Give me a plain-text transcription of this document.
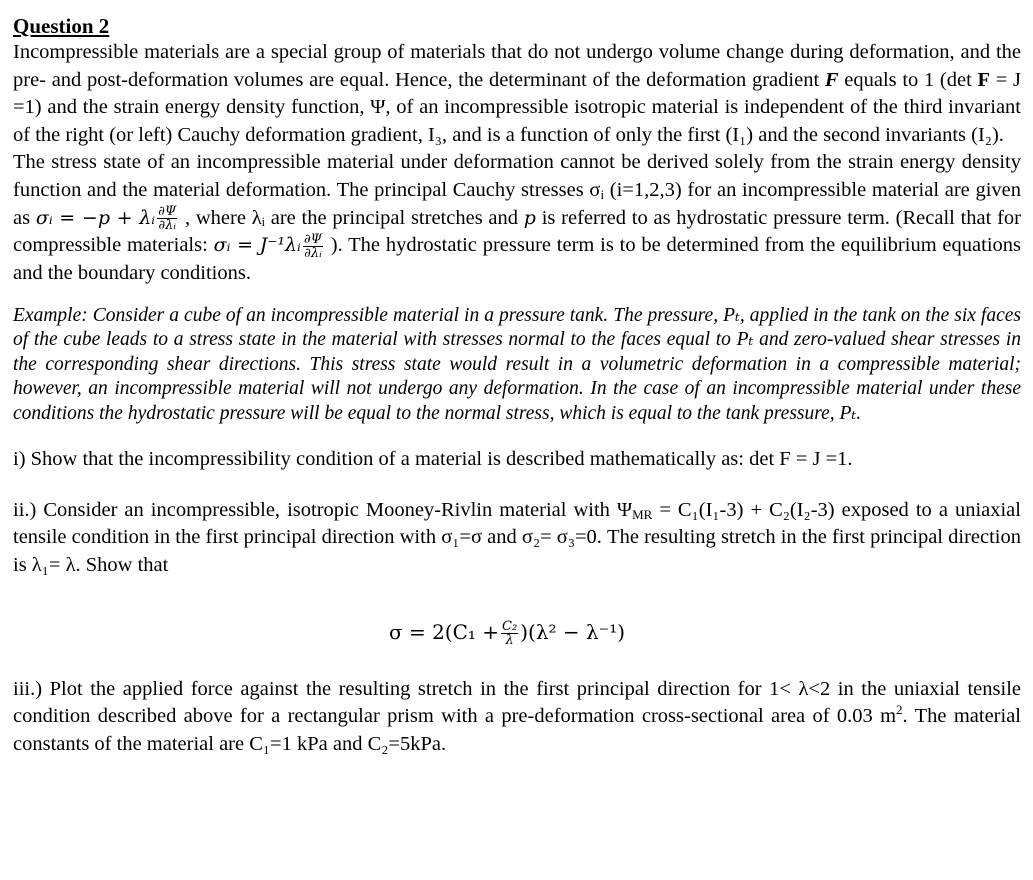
Question 2

Incompressible materials are a special group of materials that do not undergo volume change during deformation, and the pre- and post-deformation volumes are equal. Hence, the determinant of the deformation gradient F equals to 1 (det F = J =1) and the strain energy density function, Ψ, of an incompressible isotropic material is independent of the third invariant of the right (or left) Cauchy deformation gradient, I₃, and is a function of only the first (I₁) and the second invariants (I₂).

The stress state of an incompressible material under deformation cannot be derived solely from the strain energy density function and the material deformation. The principal Cauchy stresses $\sigma_i$ (i=1,2,3) for an incompressible material are given as σᵢ = −p + λᵢ $\frac{\partial\Psi}{\text{∂λᵢ}}$ , where λᵢ are the principal stretches and p is referred to as hydrostatic pressure term. (Recall that for compressible materials: σᵢ = J⁻¹λᵢ $\frac{\partial\Psi}{\text{∂λᵢ}}$ ). The hydrostatic pressure term is to be determined from the equilibrium equations and the boundary conditions.

Example: Consider a cube of an incompressible material in a pressure tank. The pressure, Pₜ, applied in the tank on the six faces of the cube leads to a stress state in the material with stresses normal to the faces equal to Pₜ and zero-valued shear stresses in the corresponding shear directions. This stress state would result in a volumetric deformation in a compressible material; however, an incompressible material will not undergo any deformation. In the case of an incompressible material under these conditions the hydrostatic pressure will be equal to the normal stress, which is equal to the tank pressure, Pₜ.

i) Show that the incompressibility condition of a material is described mathematically as: det F = J =1.

ii.) Consider an incompressible, isotropic Mooney-Rivlin material with $\Psi_{MR} = C_1(I_1-3) + C_2(I_2-3)$ exposed to a uniaxial tensile condition in the first principal direction with σ₁=σ and σ₂= σ₃=0. The resulting stretch in the first principal direction is λ₁= λ. Show that

$\sigma = 2(C_1 + \frac{\text{C₂}}{\lambda} )(\lambda^2 - \lambda^{-1})$

iii.) Plot the applied force against the resulting stretch in the first principal direction for 1< λ<2 in the uniaxial tensile condition described above for a rectangular prism with a pre-deformation cross-sectional area of 0.03 $m^2$. The material constants of the material are C₁=1 kPa and C₂=5kPa.
